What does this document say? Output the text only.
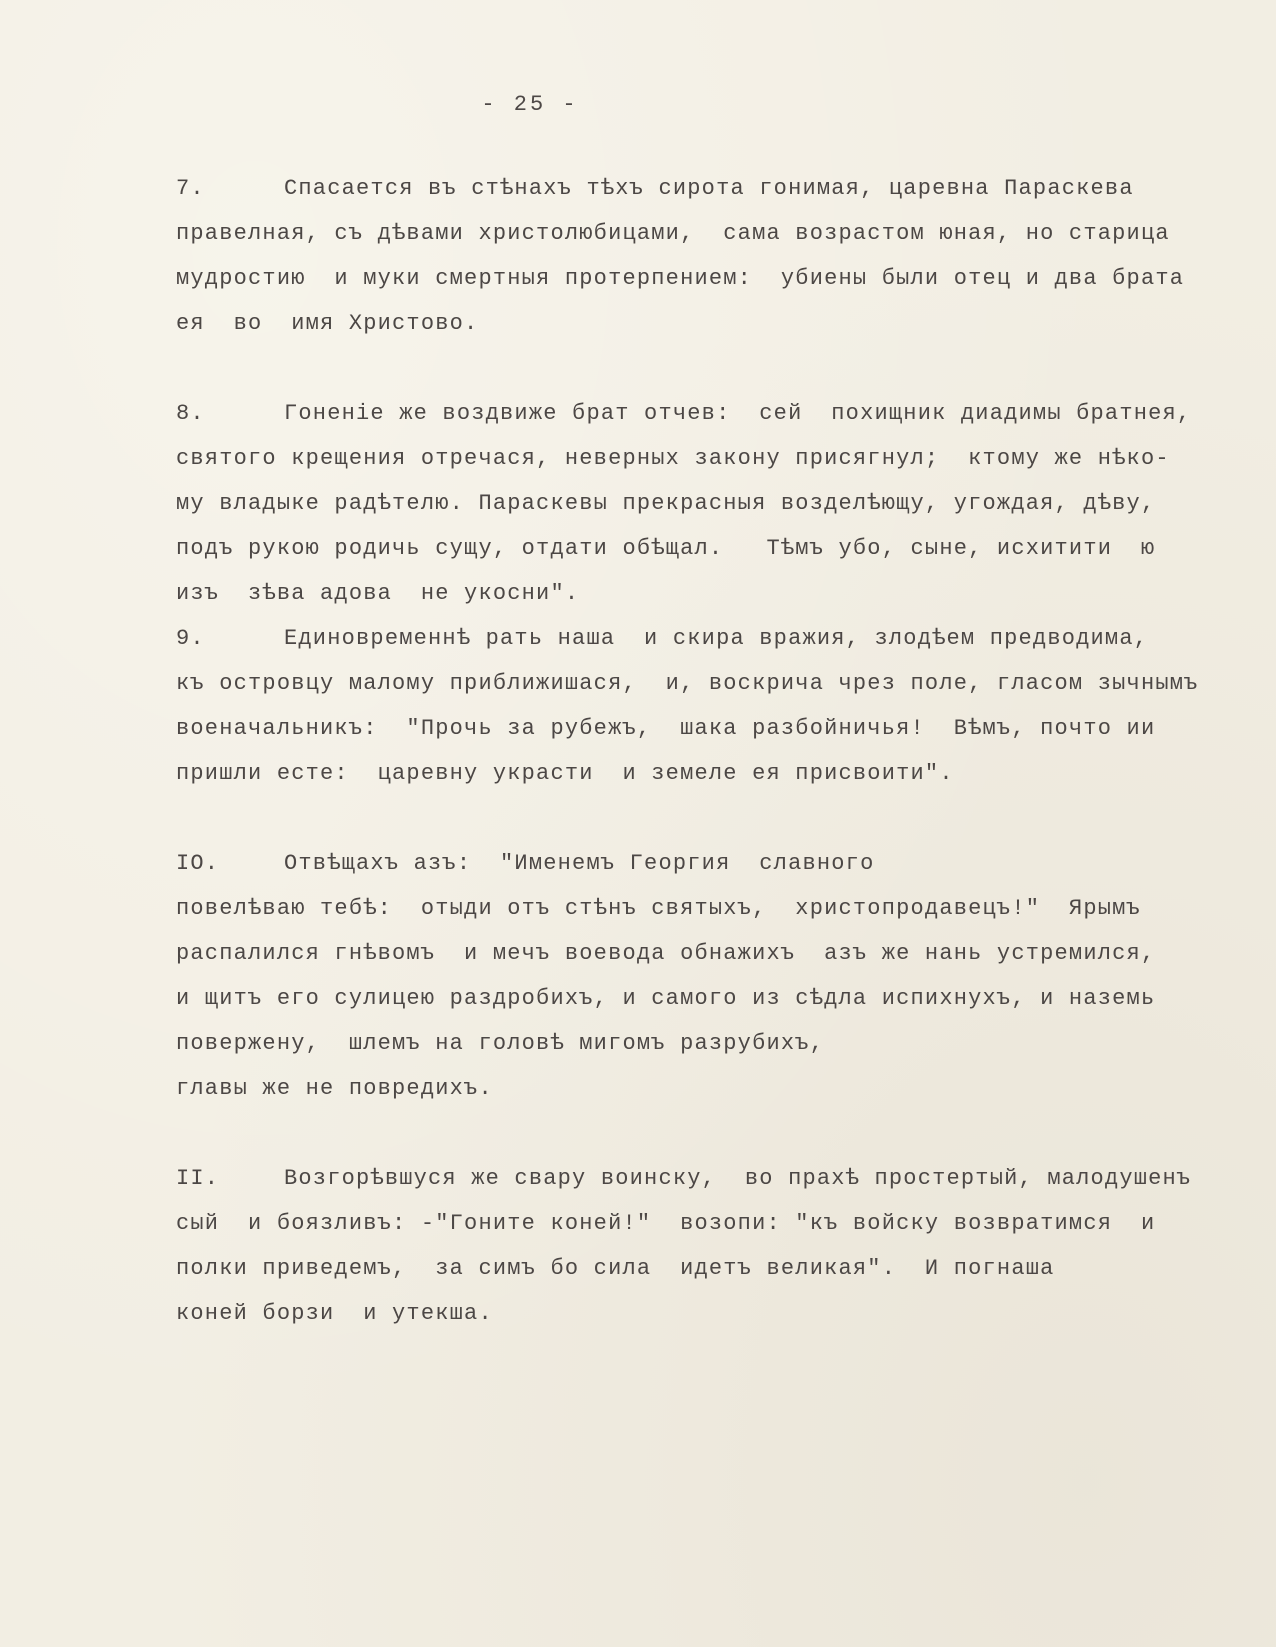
- 25 -
7.	Спасается въ стѣнахъ тѣхъ сирота гонимая, царевна Параскева
правелная, съ дѣвами христолюбицами,  сама возрастом юная, но старица
мудростию  и муки смертныя протерпением:  убиены были отец и два брата
ея  во  имя Христово.
8.	Гоненіе же воздвиже брат отчев:  сей  похищник диадимы братнея,
святого крещения отречася, неверных закону присягнул;  ктому же нѣко-
му владыке радѣтелю. Параскевы прекрасныя возделѣющу, угождая, дѣву,
подъ рукою родичь сущу, отдати обѣщал.   Тѣмъ убо, сыне, исхитити  ю
изъ  зѣва адова  не укосни".
9.	Единовременнѣ рать наша  и скира вражия, злодѣем предводима,
къ островцу малому приближишася,  и, воскрича чрез поле, гласом зычнымъ
военачальникъ:  "Прочь за рубежъ,  шака разбойничья!  Вѣмъ, почто ии
пришли есте:  царевну украсти  и земеле ея присвоити".
IO.	Отвѣщахъ азъ:  "Именемъ Георгия  славного
повелѣваю тебѣ:  отыди отъ стѣнъ святыхъ,  христопродавецъ!"  Ярымъ
распалился гнѣвомъ  и мечъ воевода обнажихъ  азъ же нань устремился,
и щитъ его сулицею раздробихъ, и самого из сѣдла испихнухъ, и наземь
повержену,  шлемъ на головѣ мигомъ разрубихъ,
главы же не повредихъ.
II.	Возгорѣвшуся же свару воинску,  во прахѣ простертый, малодушенъ
сый  и боязливъ: -"Гоните коней!"  возопи: "къ войску возвратимся  и
полки приведемъ,  за симъ бо сила  идетъ великая".  И погнаша
коней борзи  и утекша.
